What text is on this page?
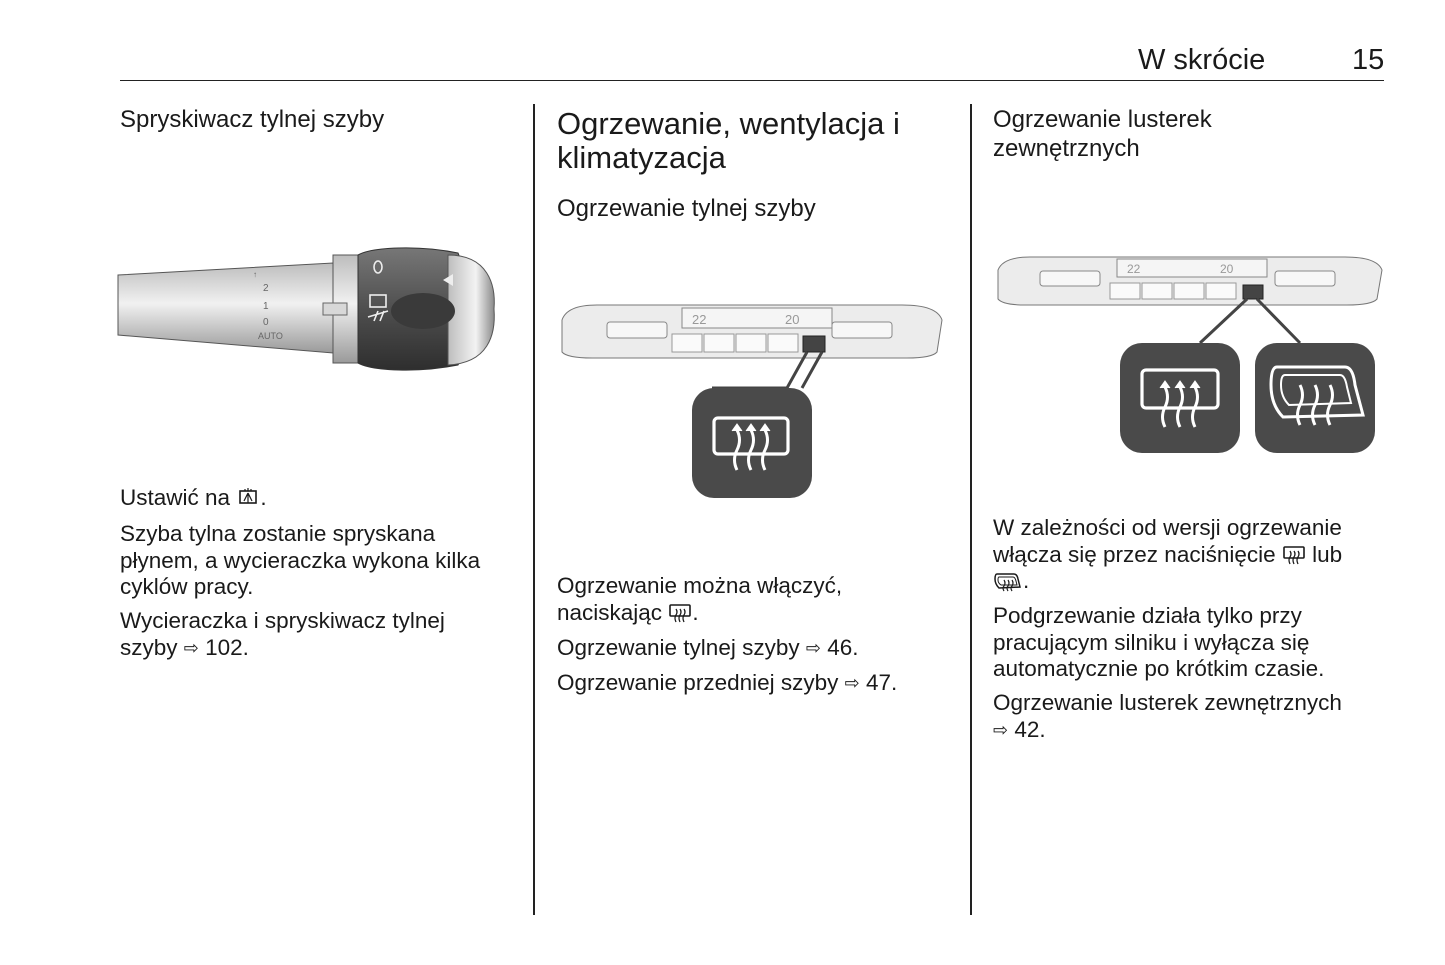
W skrócie	15
Spryskiwacz tylnej szyby
↑
2
1
0
AUTO
Ustawić na .
Szyba tylna zostanie spryskana
płynem, a wycieraczka wykona kilka
cyklów pracy.
Wycieraczka i spryskiwacz tylnej
szyby ⇨ 102.
Ogrzewanie, wentylacja i
klimatyzacja
Ogrzewanie tylnej szyby
22	20
Ogrzewanie można włączyć,
naciskając .
Ogrzewanie tylnej szyby ⇨ 46.
Ogrzewanie przedniej szyby ⇨ 47.
Ogrzewanie lusterek
zewnętrznych
22	20
W zależności od wersji ogrzewanie
włącza się przez naciśnięcie lub
.
Podgrzewanie działa tylko przy
pracującym silniku i wyłącza się
automatycznie po krótkim czasie.
Ogrzewanie lusterek zewnętrznych
⇨ 42.
